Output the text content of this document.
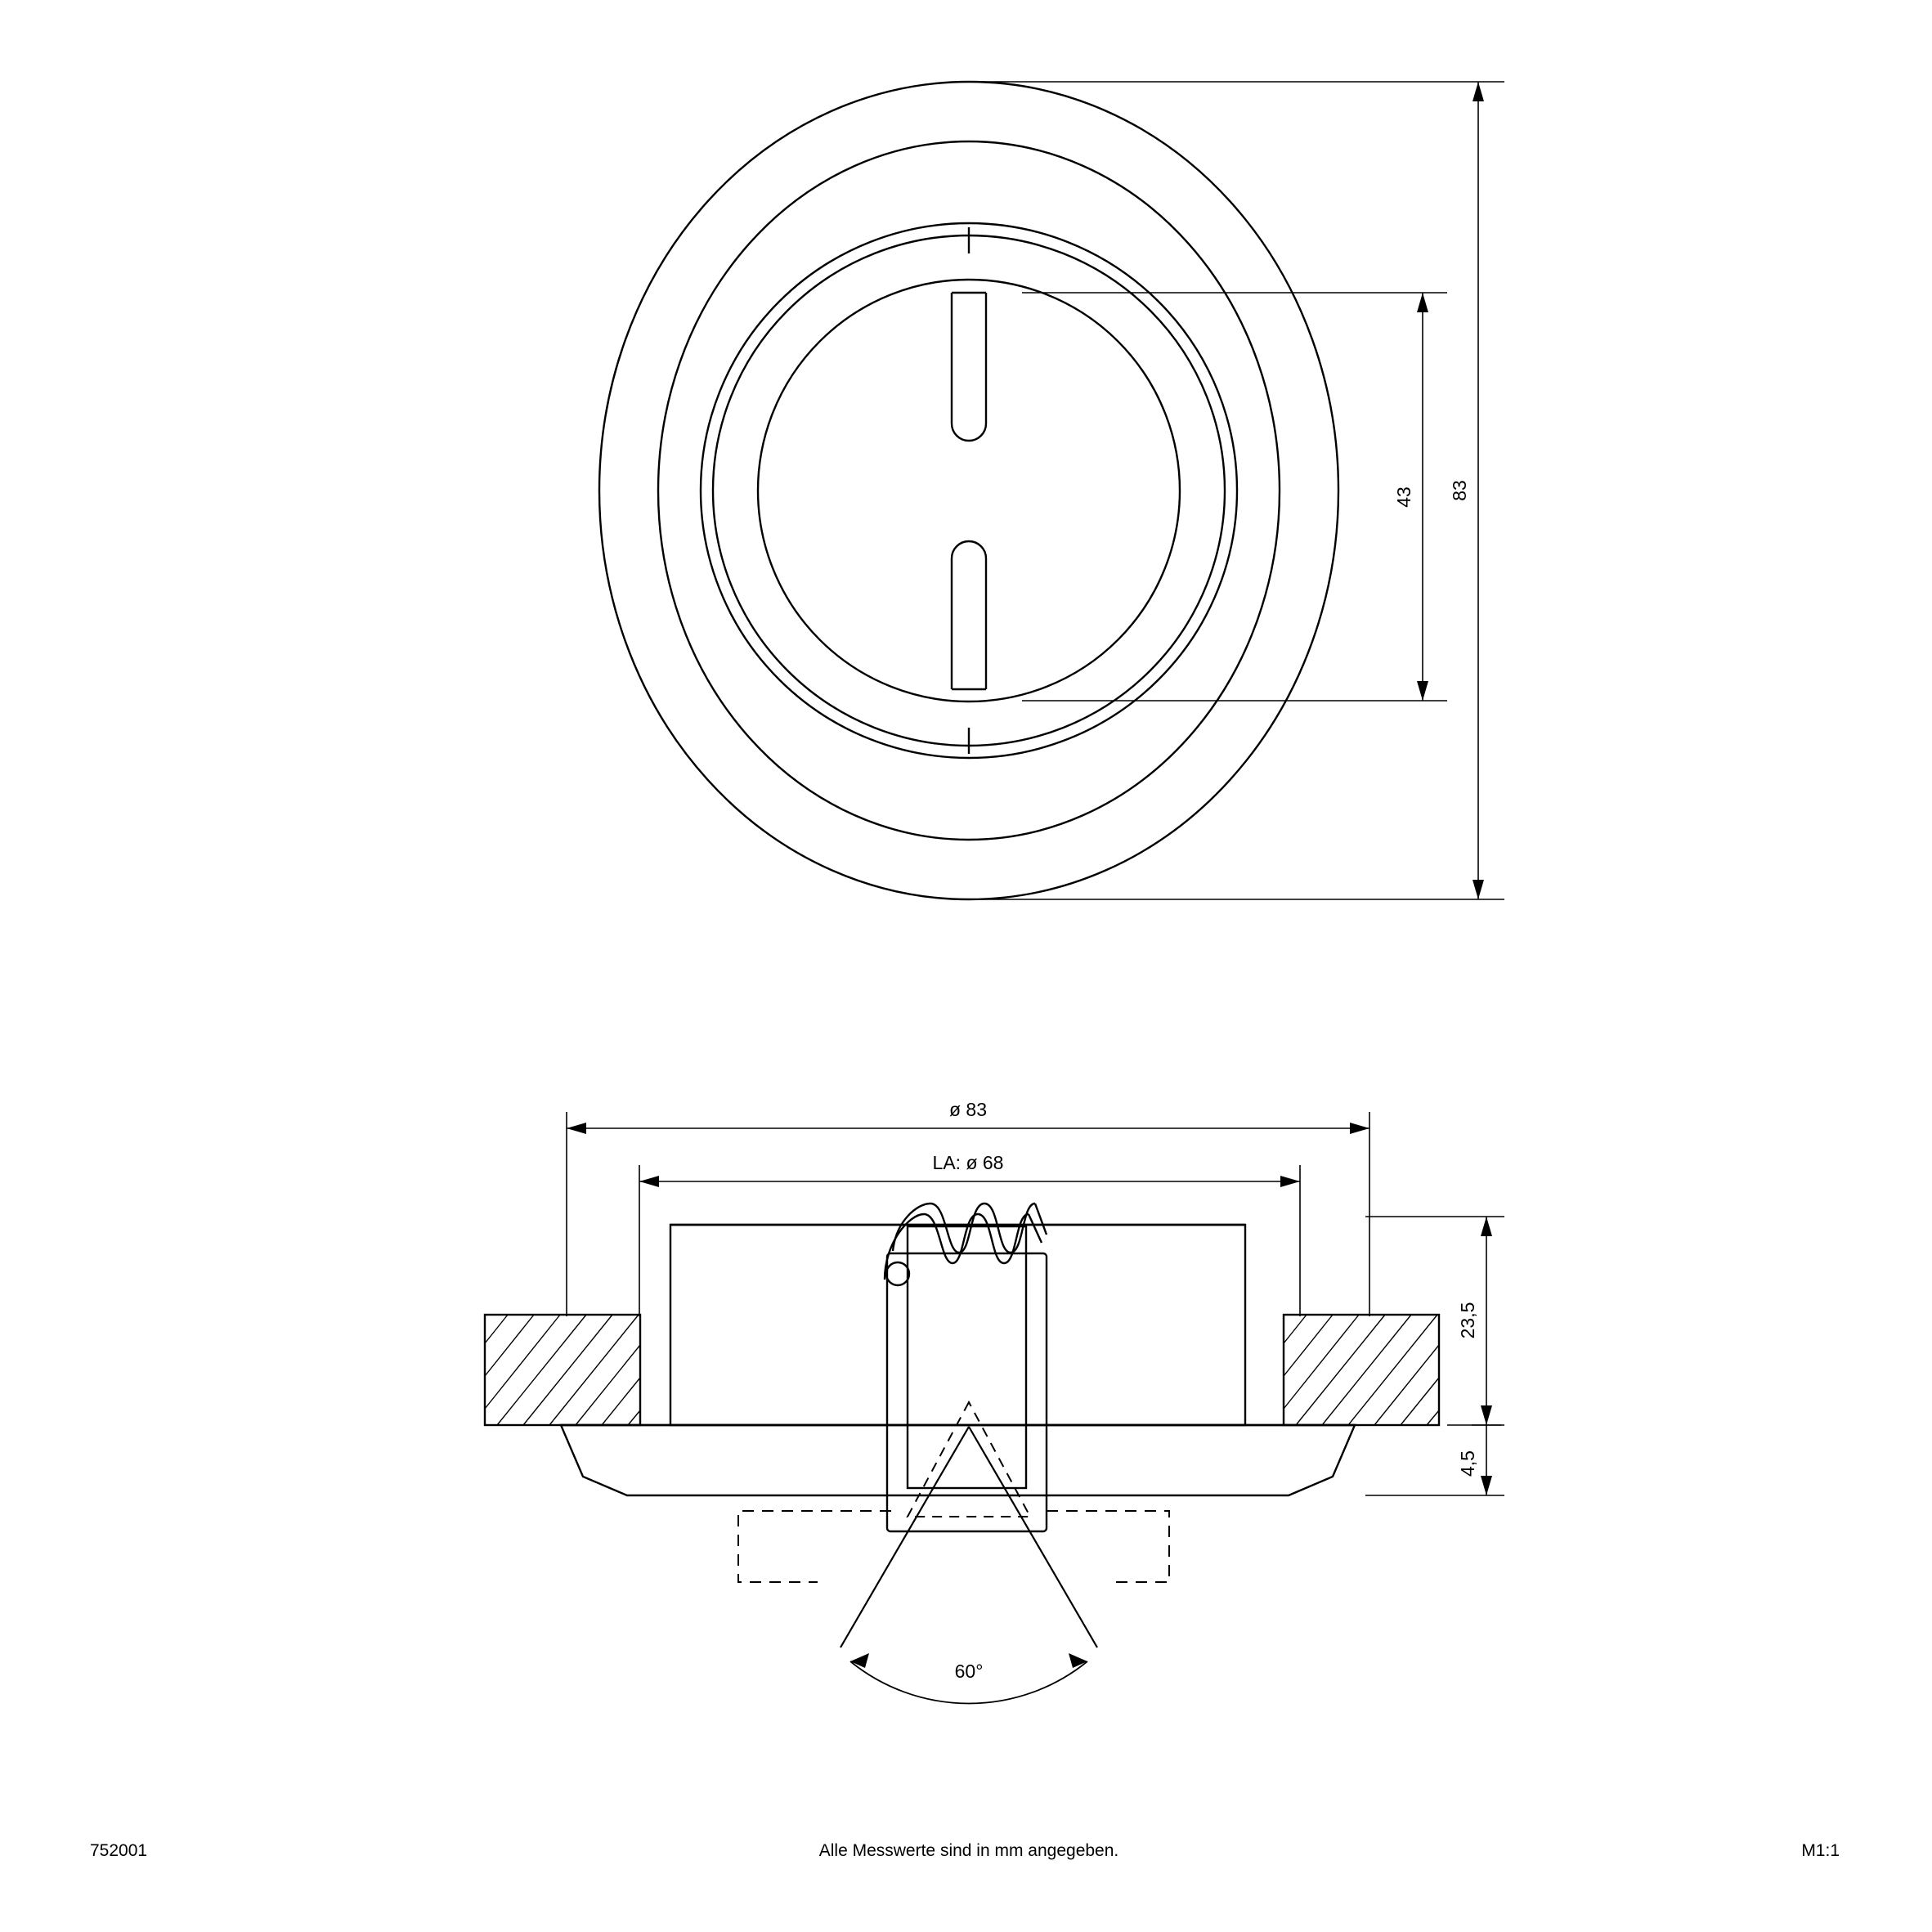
83
43
ø 83
LA: ø 68
23,5
4,5
60°
752001	Alle Messwerte sind in mm angegeben.	M1:1
